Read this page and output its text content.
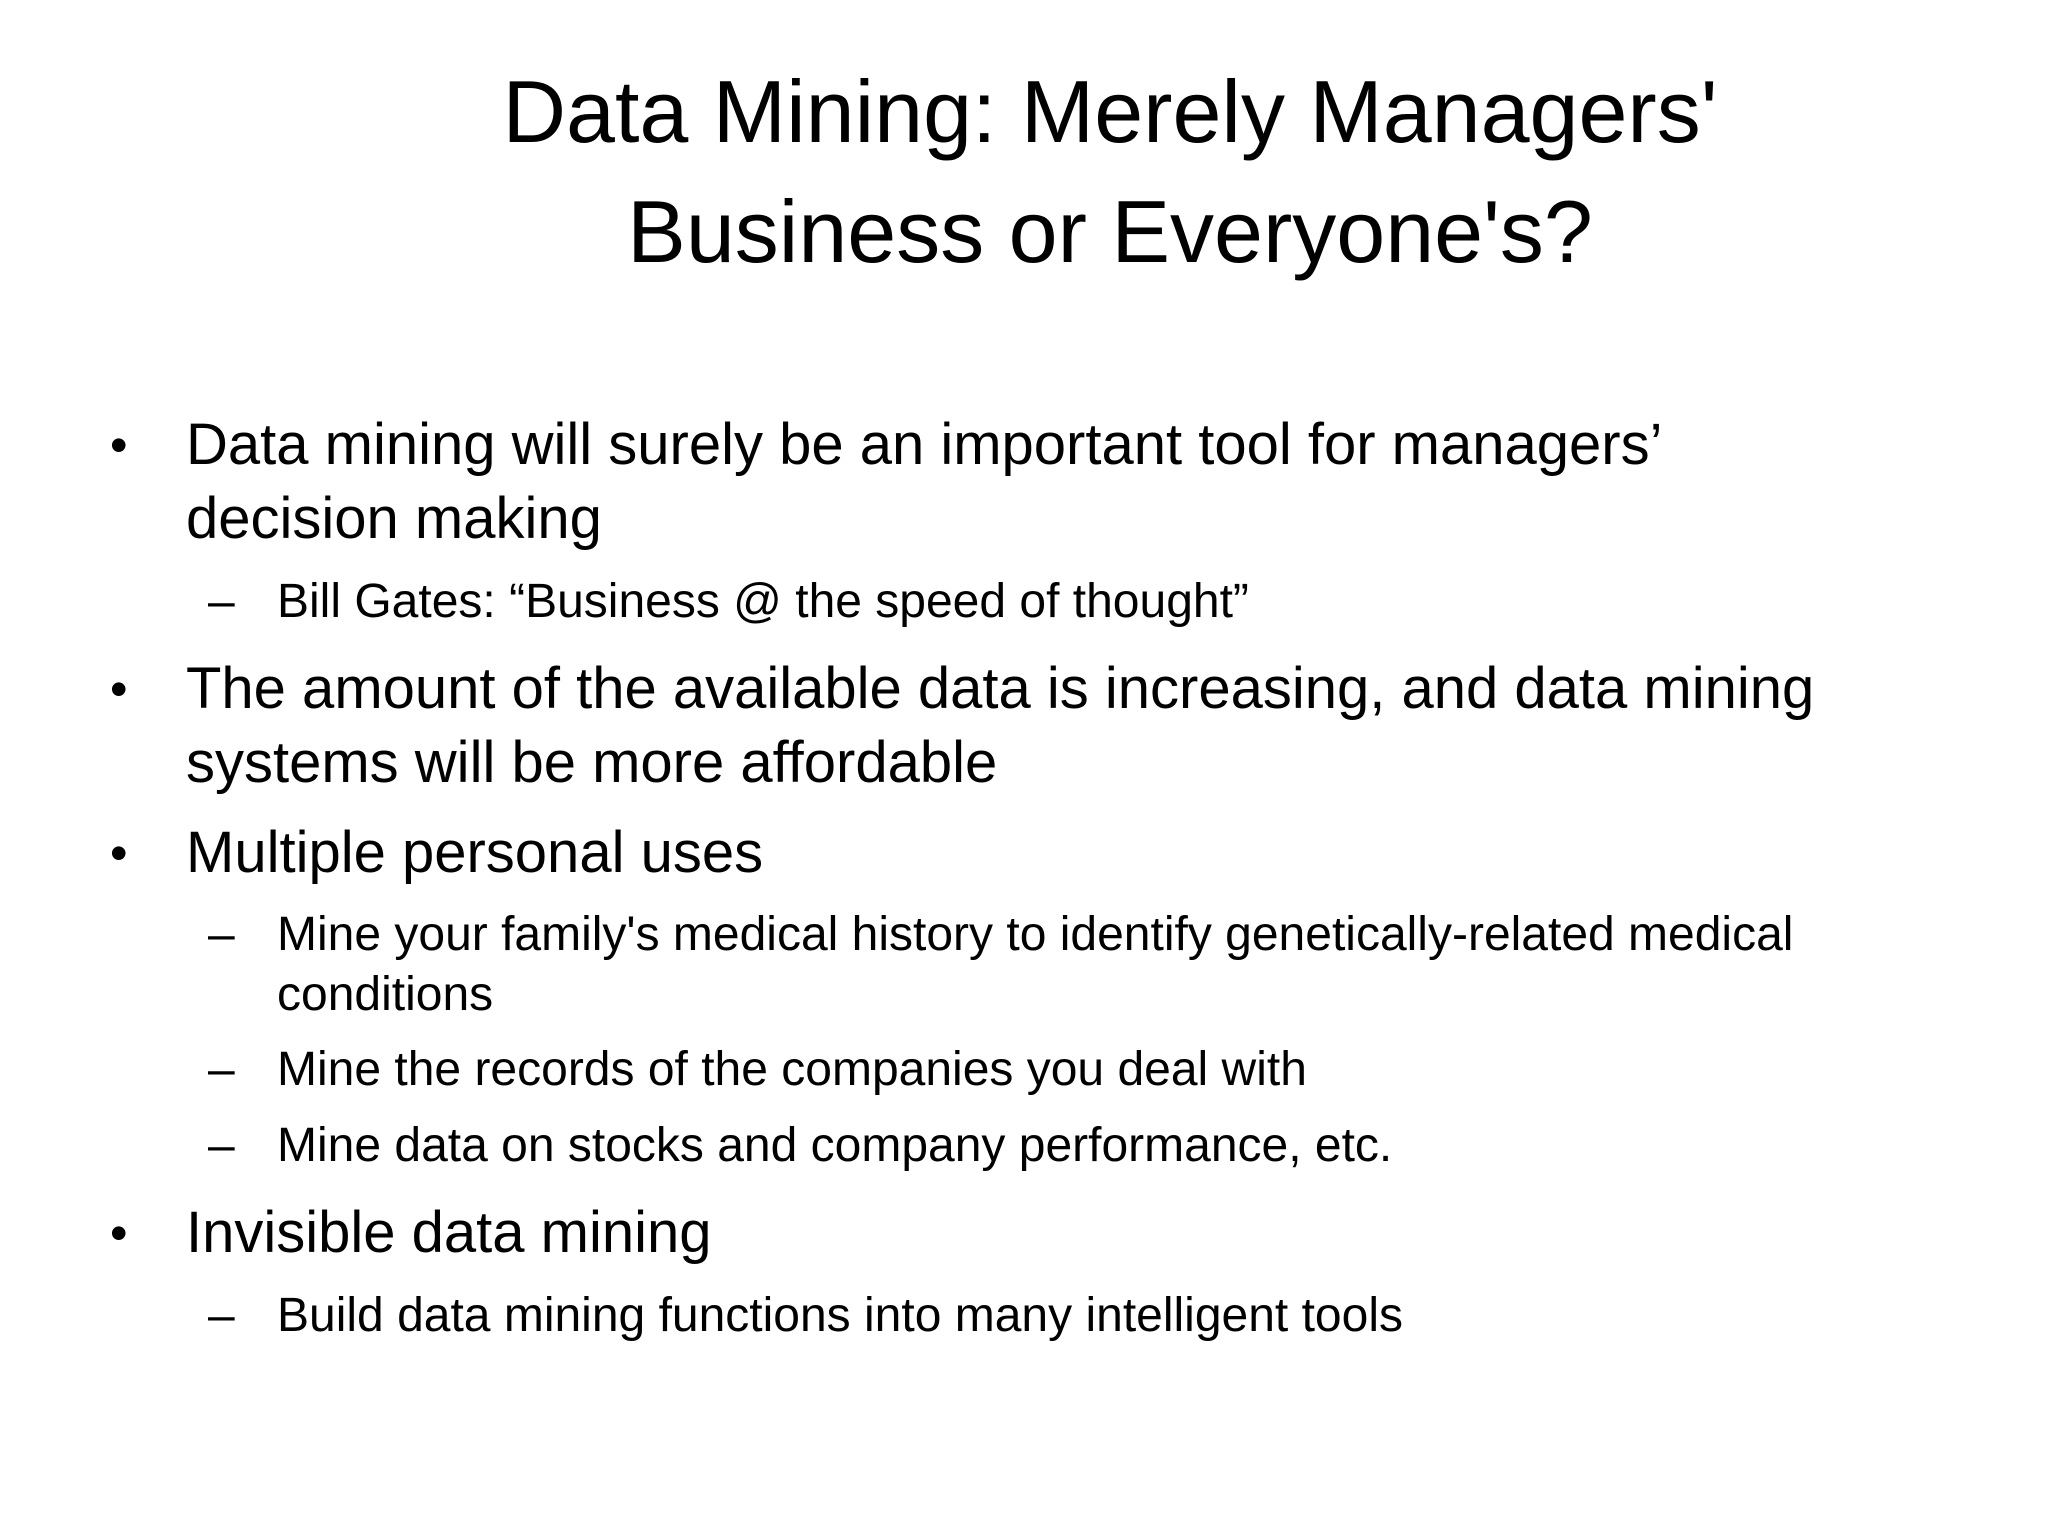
Data Mining: Merely Managers'
Business or Everyone's?
• Data mining will surely be an important tool for managers’ decision making
– Bill Gates: “Business @ the speed of thought”
• The amount of the available data is increasing, and data mining systems will be more affordable
• Multiple personal uses
– Mine your family's medical history to identify genetically-related medical conditions
– Mine the records of the companies you deal with
– Mine data on stocks and company performance, etc.
• Invisible data mining
– Build data mining functions into many intelligent tools
